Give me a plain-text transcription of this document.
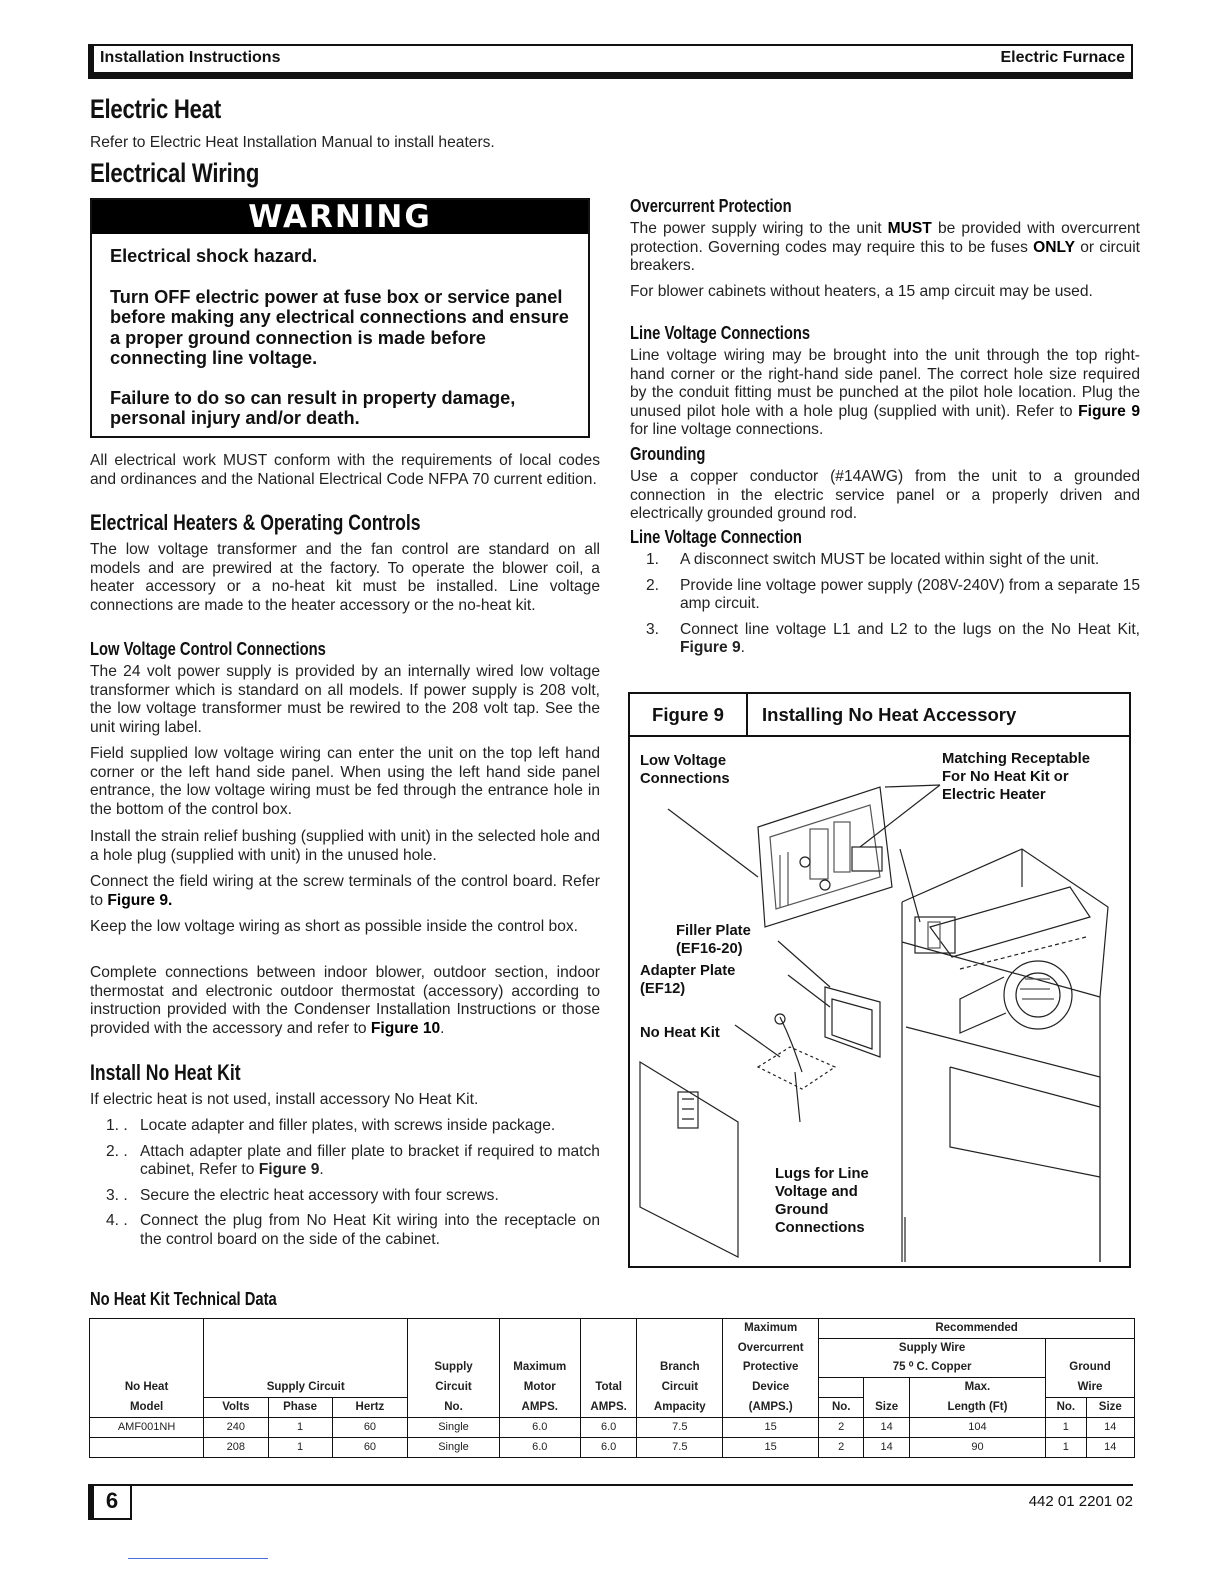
Installation Instructions	Electric Furnace
Electric Heat
Refer to Electric Heat Installation Manual to install heaters.
Electrical Wiring
WARNING
Electrical shock hazard.
Turn OFF electric power at fuse box or service panel before making any electrical connections and ensure a proper ground connection is made before connecting line voltage.
Failure to do so can result in property damage, personal injury and/or death.
All electrical work MUST conform with the requirements of local codes and ordinances and the National Electrical Code NFPA 70 current edition.
Electrical Heaters & Operating Controls
The low voltage transformer and the fan control are standard on all models and are prewired at the factory. To operate the blower coil, a heater accessory or a no-heat kit must be installed. Line voltage connections are made to the heater accessory or the no-heat kit.
Low Voltage Control Connections
The 24 volt power supply is provided by an internally wired low voltage transformer which is standard on all models. If power supply is 208 volt, the low voltage transformer must be rewired to the 208 volt tap. See the unit wiring label.
Field supplied low voltage wiring can enter the unit on the top left hand corner or the left hand side panel. When using the left hand side panel entrance, the low voltage wiring must be fed through the entrance hole in the bottom of the control box.
Install the strain relief bushing (supplied with unit) in the selected hole and a hole plug (supplied with unit) in the unused hole.
Connect the field wiring at the screw terminals of the control board. Refer to Figure 9.
Keep the low voltage wiring as short as possible inside the control box.
Complete connections between indoor blower, outdoor section, indoor thermostat and electronic outdoor thermostat (accessory) according to instruction provided with the Condenser Installation Instructions or those provided with the accessory and refer to Figure 10.
Install No Heat Kit
If electric heat is not used, install accessory No Heat Kit.
1. . Locate adapter and filler plates, with screws inside package.
2. . Attach adapter plate and filler plate to bracket if required to match cabinet, Refer to Figure 9.
3. . Secure the electric heat accessory with four screws.
4. . Connect the plug from No Heat Kit wiring into the receptacle on the control board on the side of the cabinet.
Overcurrent Protection
The power supply wiring to the unit MUST be provided with overcurrent protection. Governing codes may require this to be fuses ONLY or circuit breakers.
For blower cabinets without heaters, a 15 amp circuit may be used.
Line Voltage Connections
Line voltage wiring may be brought into the unit through the top right-hand corner or the right-hand side panel. The correct hole size required by the conduit fitting must be punched at the pilot hole location. Plug the unused pilot hole with a hole plug (supplied with unit). Refer to Figure 9 for line voltage connections.
Grounding
Use a copper conductor (#14AWG) from the unit to a grounded connection in the electric service panel or a properly driven and electrically grounded ground rod.
Line Voltage Connection
1. A disconnect switch MUST be located within sight of the unit.
2. Provide line voltage power supply (208V-240V) from a separate 15 amp circuit.
3. Connect line voltage L1 and L2 to the lugs on the No Heat Kit, Figure 9.
Figure 9	Installing No Heat Accessory
Low Voltage Connections
Matching Receptable For No Heat Kit or Electric Heater
Filler Plate (EF16-20)
Adapter Plate (EF12)
No Heat Kit
Lugs for Line Voltage and Ground Connections
No Heat Kit Technical Data
								Maximum	Recommended				
								Overcurrent	Supply Wire				
				Supply	Maximum		Branch	Protective	75 ⁰ C. Copper			Ground	
No Heat	Supply Circuit			Circuit	Motor	Total	Circuit	Device			Max.	Wire	
Model	Volts	Phase	Hertz	No.	AMPS.	AMPS.	Ampacity	(AMPS.)	No.	Size	Length (Ft)	No.	Size
AMF001NH	240	1	60	Single	6.0	6.0	7.5	15	2	14	104	1	14
	208	1	60	Single	6.0	6.0	7.5	15	2	14	90	1	14
6	442 01 2201 02
